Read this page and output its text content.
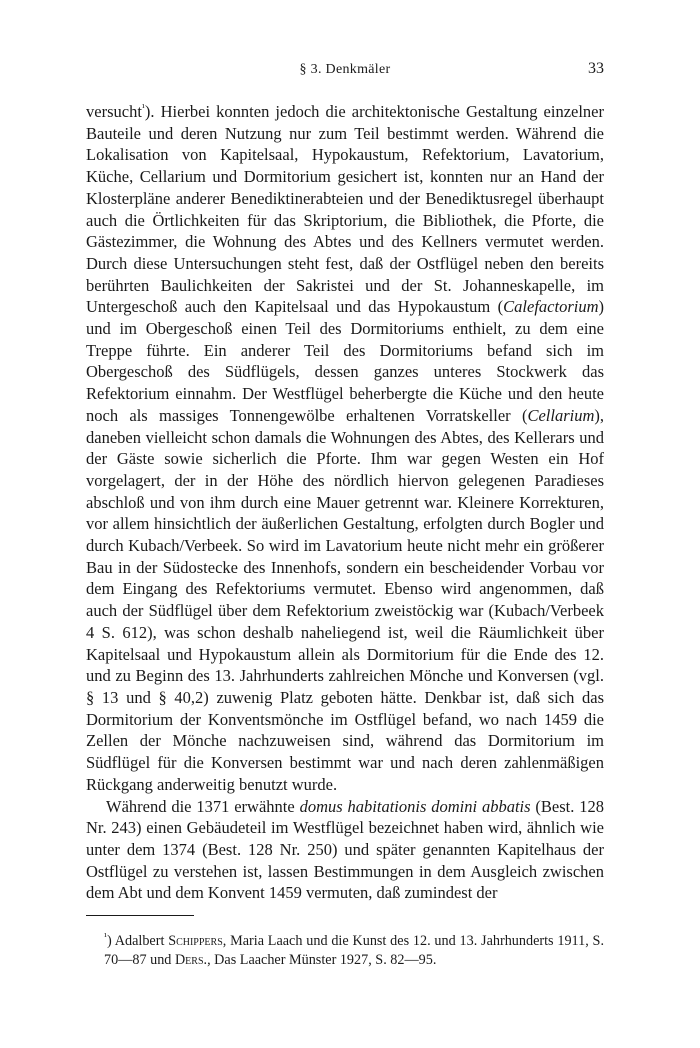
§ 3. Denkmäler	33

versucht$^{^1}$). Hierbei konnten jedoch die architektonische Gestaltung einzelner Bauteile und deren Nutzung nur zum Teil bestimmt werden. Während die Lokalisation von Kapitelsaal, Hypokaustum, Refektorium, Lavatorium, Küche, Cellarium und Dormitorium gesichert ist, konnten nur an Hand der Klosterpläne anderer Benediktinerabteien und der Benediktusregel überhaupt auch die Örtlichkeiten für das Skriptorium, die Bibliothek, die Pforte, die Gästezimmer, die Wohnung des Abtes und des Kellners vermutet werden. Durch diese Untersuchungen steht fest, daß der Ostflügel neben den bereits berührten Baulichkeiten der Sakristei und der St. Johanneskapelle, im Untergeschoß auch den Kapitelsaal und das Hypokaustum (Calefactorium) und im Obergeschoß einen Teil des Dormitoriums enthielt, zu dem eine Treppe führte. Ein anderer Teil des Dormitoriums befand sich im Obergeschoß des Südflügels, dessen ganzes unteres Stockwerk das Refektorium einnahm. Der Westflügel beherbergte die Küche und den heute noch als massiges Tonnengewölbe erhaltenen Vorratskeller (Cellarium), daneben vielleicht schon damals die Wohnungen des Abtes, des Kellerars und der Gäste sowie sicherlich die Pforte. Ihm war gegen Westen ein Hof vorgelagert, der in der Höhe des nördlich hiervon gelegenen Paradieses abschloß und von ihm durch eine Mauer getrennt war. Kleinere Korrekturen, vor allem hinsichtlich der äußerlichen Gestaltung, erfolgten durch Bogler und durch Kubach/Verbeek. So wird im Lavatorium heute nicht mehr ein größerer Bau in der Südostecke des Innenhofs, sondern ein bescheidender Vorbau vor dem Eingang des Refektoriums vermutet. Ebenso wird angenommen, daß auch der Südflügel über dem Refektorium zweistöckig war (Kubach/Verbeek 4 S. 612), was schon deshalb naheliegend ist, weil die Räumlichkeit über Kapitelsaal und Hypokaustum allein als Dormitorium für die Ende des 12. und zu Beginn des 13. Jahrhunderts zahlreichen Mönche und Konversen (vgl. § 13 und § 40,2) zuwenig Platz geboten hätte. Denkbar ist, daß sich das Dormitorium der Konventsmönche im Ostflügel befand, wo nach 1459 die Zellen der Mönche nachzuweisen sind, während das Dormitorium im Südflügel für die Konversen bestimmt war und nach deren zahlenmäßigen Rückgang anderweitig benutzt wurde.

Während die 1371 erwähnte domus habitationis domini abbatis (Best. 128 Nr. 243) einen Gebäudeteil im Westflügel bezeichnet haben wird, ähnlich wie unter dem 1374 (Best. 128 Nr. 250) und später genannten Kapitelhaus der Ostflügel zu verstehen ist, lassen Bestimmungen in dem Ausgleich zwischen dem Abt und dem Konvent 1459 vermuten, daß zumindest der

$^{^1}$) Adalbert Schippers, Maria Laach und die Kunst des 12. und 13. Jahrhunderts 1911, S. 70—87 und Ders., Das Laacher Münster 1927, S. 82—95.
